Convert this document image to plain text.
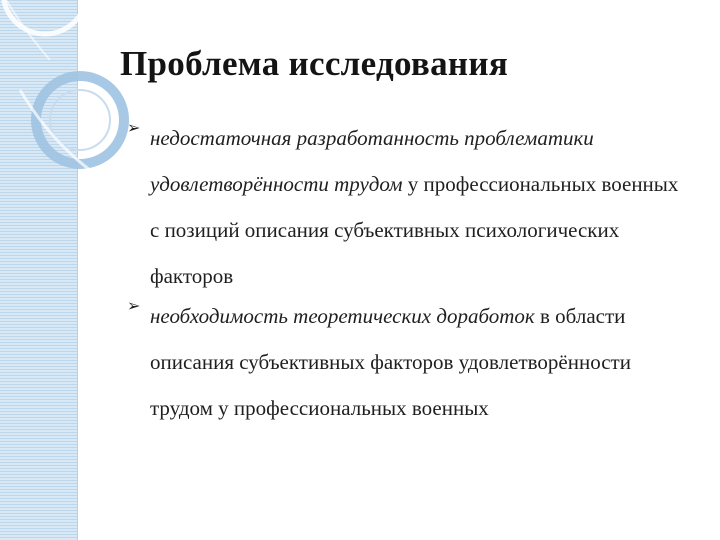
Проблема исследования
➢ недостаточная разработанность проблематики удовлетворённости трудом у профессиональных военных с позиций описания субъективных психологических факторов
➢ необходимость теоретических доработок в области описания субъективных факторов удовлетворённости трудом у профессиональных военных
